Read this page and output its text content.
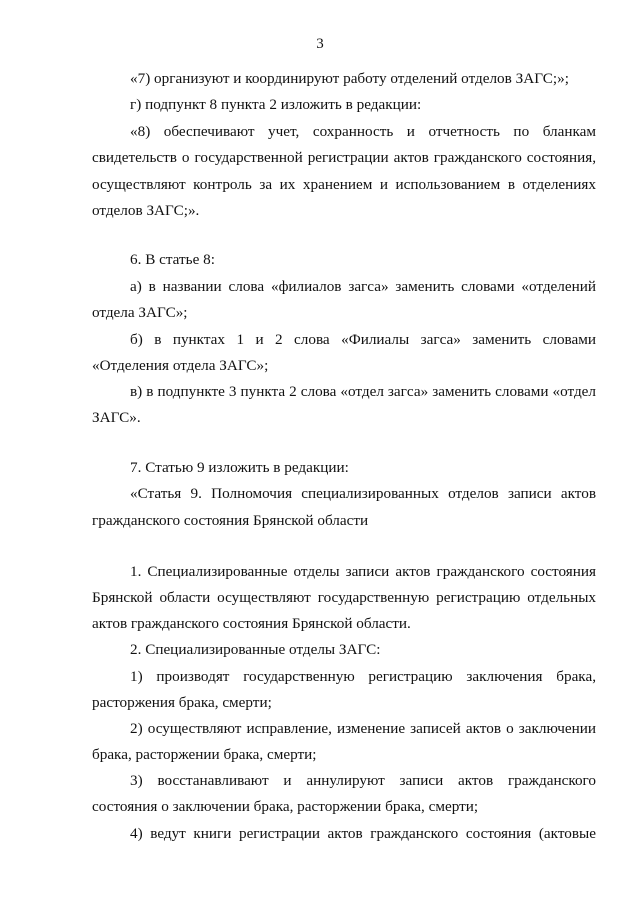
3
«7) организуют и координируют работу отделений отделов ЗАГС;»;
г) подпункт 8 пункта 2 изложить в редакции:
«8) обеспечивают учет, сохранность и отчетность по бланкам
свидетельств о государственной регистрации актов гражданского состояния,
осуществляют контроль за их хранением и использованием в отделениях
отделов ЗАГС;».
6. В статье 8:
а) в названии слова «филиалов загса» заменить словами «отделений
отдела ЗАГС»;
б) в пунктах 1 и 2 слова «Филиалы загса» заменить словами
«Отделения отдела ЗАГС»;
в) в подпункте 3 пункта 2 слова «отдел загса» заменить словами «отдел
ЗАГС».
7. Статью 9 изложить в редакции:
«Статья 9. Полномочия специализированных отделов записи актов
гражданского состояния Брянской области
1. Специализированные отделы записи актов гражданского состояния
Брянской области осуществляют государственную регистрацию отдельных
актов гражданского состояния Брянской области.
2. Специализированные отделы ЗАГС:
1) производят государственную регистрацию заключения брака,
расторжения брака, смерти;
2) осуществляют исправление, изменение записей актов о заключении
брака, расторжении брака, смерти;
3) восстанавливают и аннулируют записи актов гражданского
состояния о заключении брака, расторжении брака, смерти;
4) ведут книги регистрации актов гражданского состояния (актовые
